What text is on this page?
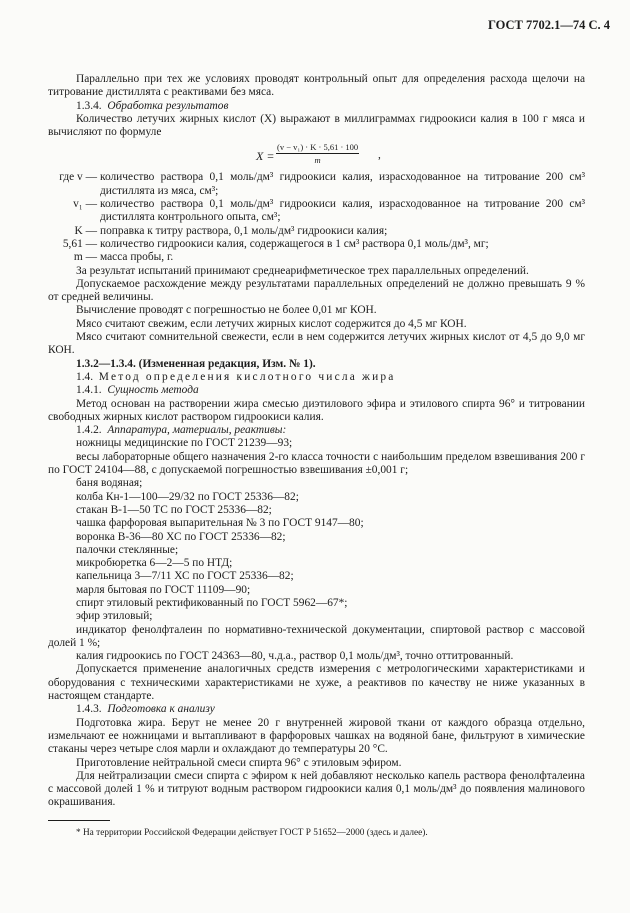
ГОСТ 7702.1—74 С. 4

Параллельно при тех же условиях проводят контрольный опыт для определения расхода щелочи на титрование дистиллята с реактивами без мяса.

1.3.4. Обработка результатов

Количество летучих жирных кислот (X) выражают в миллиграммах гидроокиси калия в 100 г мяса и вычисляют по формуле

$X = \frac{\text{(v − v₁) · K · 5,61 · 100}}{m}$ ,
где v — количество раствора 0,1 моль/дм³ гидроокиси калия, израсходованное на титрование 200 см³ дистиллята из мяса, см³;
v₁ — количество раствора 0,1 моль/дм³ гидроокиси калия, израсходованное на титрование 200 см³ дистиллята контрольного опыта, см³;
K — поправка к титру раствора, 0,1 моль/дм³ гидроокиси калия;
5,61 — количество гидроокиси калия, содержащегося в 1 см³ раствора 0,1 моль/дм³, мг;
m — масса пробы, г.

За результат испытаний принимают среднеарифметическое трех параллельных определений.

Допускаемое расхождение между результатами параллельных определений не должно превышать 9 % от средней величины.

Вычисление проводят с погрешностью не более 0,01 мг КОН.

Мясо считают свежим, если летучих жирных кислот содержится до 4,5 мг КОН.

Мясо считают сомнительной свежести, если в нем содержится летучих жирных кислот от 4,5 до 9,0 мг КОН.

1.3.2—1.3.4. (Измененная редакция, Изм. № 1).

1.4. Метод определения кислотного числа жира

1.4.1. Сущность метода

Метод основан на растворении жира смесью диэтилового эфира и этилового спирта 96° и титровании свободных жирных кислот раствором гидроокиси калия.

1.4.2. Аппаратура, материалы, реактивы:

ножницы медицинские по ГОСТ 21239—93;

весы лабораторные общего назначения 2-го класса точности с наибольшим пределом взвешивания 200 г по ГОСТ 24104—88, с допускаемой погрешностью взвешивания ±0,001 г;

баня водяная;

колба Кн-1—100—29/32 по ГОСТ 25336—82;

стакан В-1—50 ТС по ГОСТ 25336—82;

чашка фарфоровая выпарительная № 3 по ГОСТ 9147—80;

воронка В-36—80 ХС по ГОСТ 25336—82;

палочки стеклянные;

микробюретка 6—2—5 по НТД;

капельница 3—7/11 ХС по ГОСТ 25336—82;

марля бытовая по ГОСТ 11109—90;

спирт этиловый ректификованный по ГОСТ 5962—67*;

эфир этиловый;

индикатор фенолфталеин по нормативно-технической документации, спиртовой раствор с массовой долей 1 %;

калия гидроокись по ГОСТ 24363—80, ч.д.а., раствор 0,1 моль/дм³, точно оттитрованный.

Допускается применение аналогичных средств измерения с метрологическими характеристиками и оборудования с техническими характеристиками не хуже, а реактивов по качеству не ниже указанных в настоящем стандарте.

1.4.3. Подготовка к анализу

Подготовка жира. Берут не менее 20 г внутренней жировой ткани от каждого образца отдельно, измельчают ее ножницами и вытапливают в фарфоровых чашках на водяной бане, фильтруют в химические стаканы через четыре слоя марли и охлаждают до температуры 20 °С.

Приготовление нейтральной смеси спирта 96° с этиловым эфиром.

Для нейтрализации смеси спирта с эфиром к ней добавляют несколько капель раствора фенолфталеина с массовой долей 1 % и титруют водным раствором гидроокиси калия 0,1 моль/дм³ до появления малинового окрашивания.

* На территории Российской Федерации действует ГОСТ Р 51652—2000 (здесь и далее).
